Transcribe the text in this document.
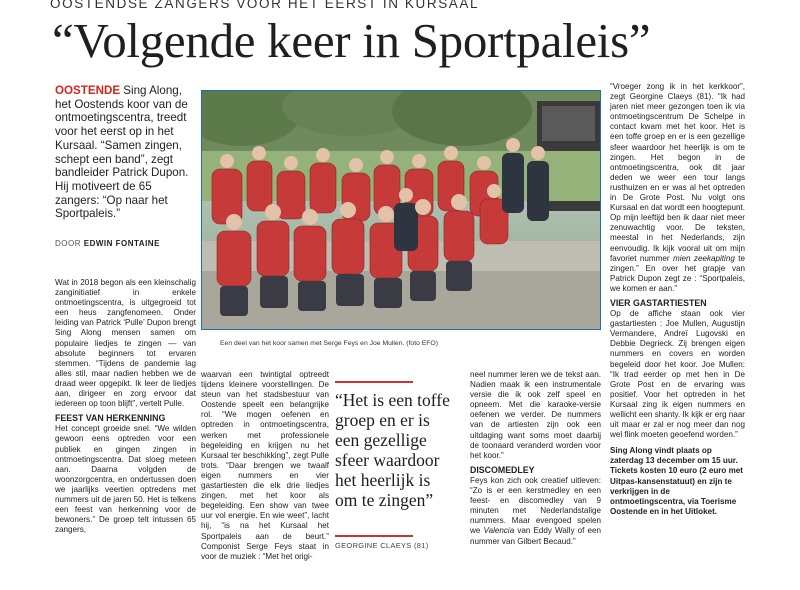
OOSTENDSE ZANGERS VOOR HET EERST IN KURSAAL
“Volgende keer in Sportpaleis”
OOSTENDE Sing Along, het Oostends koor van de ontmoetingscentra, treedt voor het eerst op in het Kursaal. “Samen zingen, schept een band”, zegt bandleider Patrick Dupon. Hij motiveert de 65 zangers: “Op naar het Sportpaleis.”
DOOR EDWIN FONTAINE
Een deel van het koor samen met Serge Feys en Joe Mullen. (foto EFO)

Wat in 2018 begon als een kleinschalig zanginitiatief in enkele ontmoetingscentra, is uitgegroeid tot een heus zangfenomeen. Onder leiding van Patrick ‘Pulle’ Dupon brengt Sing Along mensen samen om populaire liedjes te zingen — van absolute beginners tot ervaren stemmen. “Tijdens de pandemie lag alles stil, maar nadien hebben we de draad weer opgepikt. Ik leer de liedjes aan, dirigeer en zorg ervoor dat iedereen op toon blijft”, vertelt Pulle.

FEEST VAN HERKENNING

Het concept groeide snel. “We wilden gewoon eens optreden voor een publiek en gingen zingen in ontmoetingscentra. Dat sloeg meteen aan. Daarna volgden de woonzorgcentra, en ondertussen doen we jaarlijks veertien optredens met nummers uit de jaren 50. Het is telkens een feest van herkenning voor de bewoners.” De groep telt intussen 65 zangers,

waarvan een twintigtal optreedt tijdens kleinere voorstellingen. De steun van het stadsbestuur van Oostende speelt een belangrijke rol. “We mogen oefenen en optreden in ontmoetingscentra, werken met professionele begeleiding en krijgen nu het Kursaal ter beschikking”, zegt Pulle trots. “Daar brengen we twaalf eigen nummers en vier gastartiesten die elk drie liedjes zingen, met het koor als begeleiding. Een show van twee uur vol energie. En wie weet”, lacht hij, “is na het Kursaal het Sportpaleis aan de beurt.” Componist Serge Feys staat in voor de muziek : “Met het origi-

“Het is een toffe groep en er is een gezellige sfeer waardoor het heerlijk is om te zingen”
GEORGINE CLAEYS (81)

neel nummer leren we de tekst aan. Nadien maak ik een instrumentale versie die ik ook zelf speel en opneem. Met die karaoke-versie oefenen we verder. De nummers van de artiesten zijn ook een uitdaging want soms moet daarbij de toonaard veranderd worden voor het koor.”

DISCOMEDLEY

Feys kon zich ook creatief uitleven: “Zo is er een kerstmedley en een feest- en discomedley van 9 minuten met Nederlandstalige nummers. Maar evengoed spelen we Valencia van Eddy Wally of een nummer van Gilbert Becaud.”

“Vroeger zong ik in het kerkkoor”, zegt Georgine Claeys (81). “Ik had jaren niet meer gezongen toen ik via ontmoetingscentrum De Schelpe in contact kwam met het koor. Het is een toffe groep en er is een gezellige sfeer waardoor het heerlijk is om te zingen. Het begon in de ontmoetingscentra, ook dit jaar deden we weer een tour langs rusthuizen en er was al het optreden in De Grote Post. Nu volgt ons Kursaal en dat wordt een hoogtepunt. Op mijn leeftijd ben ik daar niet meer zenuwachtig voor. De teksten, meestal in het Nederlands, zijn eenvoudig. Ik kijk vooral uit om mijn favoriet nummer mien zeekapiting te zingen.” En over het grapje van Patrick Dupon zegt ze : “Sportpaleis, we komen er aan.”

VIER GASTARTIESTEN

Op de affiche staan ook vier gastartiesten : Joe Mullen, Augustijn Vermandere, Andreï Lugovski en Debbie Degrieck. Zij brengen eigen nummers en covers en worden begeleid door het koor. Joe Mullen: “Ik trad eerder op met hen in De Grote Post en de ervaring was positief. Voor het optreden in het Kursaal zing ik eigen nummers en wellicht een shanty. Ik kijk er erg naar uit maar er zal er nog meer dan nog wel flink moeten geoefend worden.”

Sing Along vindt plaats op zaterdag 13 december om 15 uur. Tickets kosten 10 euro (2 euro met Uitpas-kansenstatuut) en zijn te verkrijgen in de ontmoetingscentra, via Toerisme Oostende en in het Uitloket.
